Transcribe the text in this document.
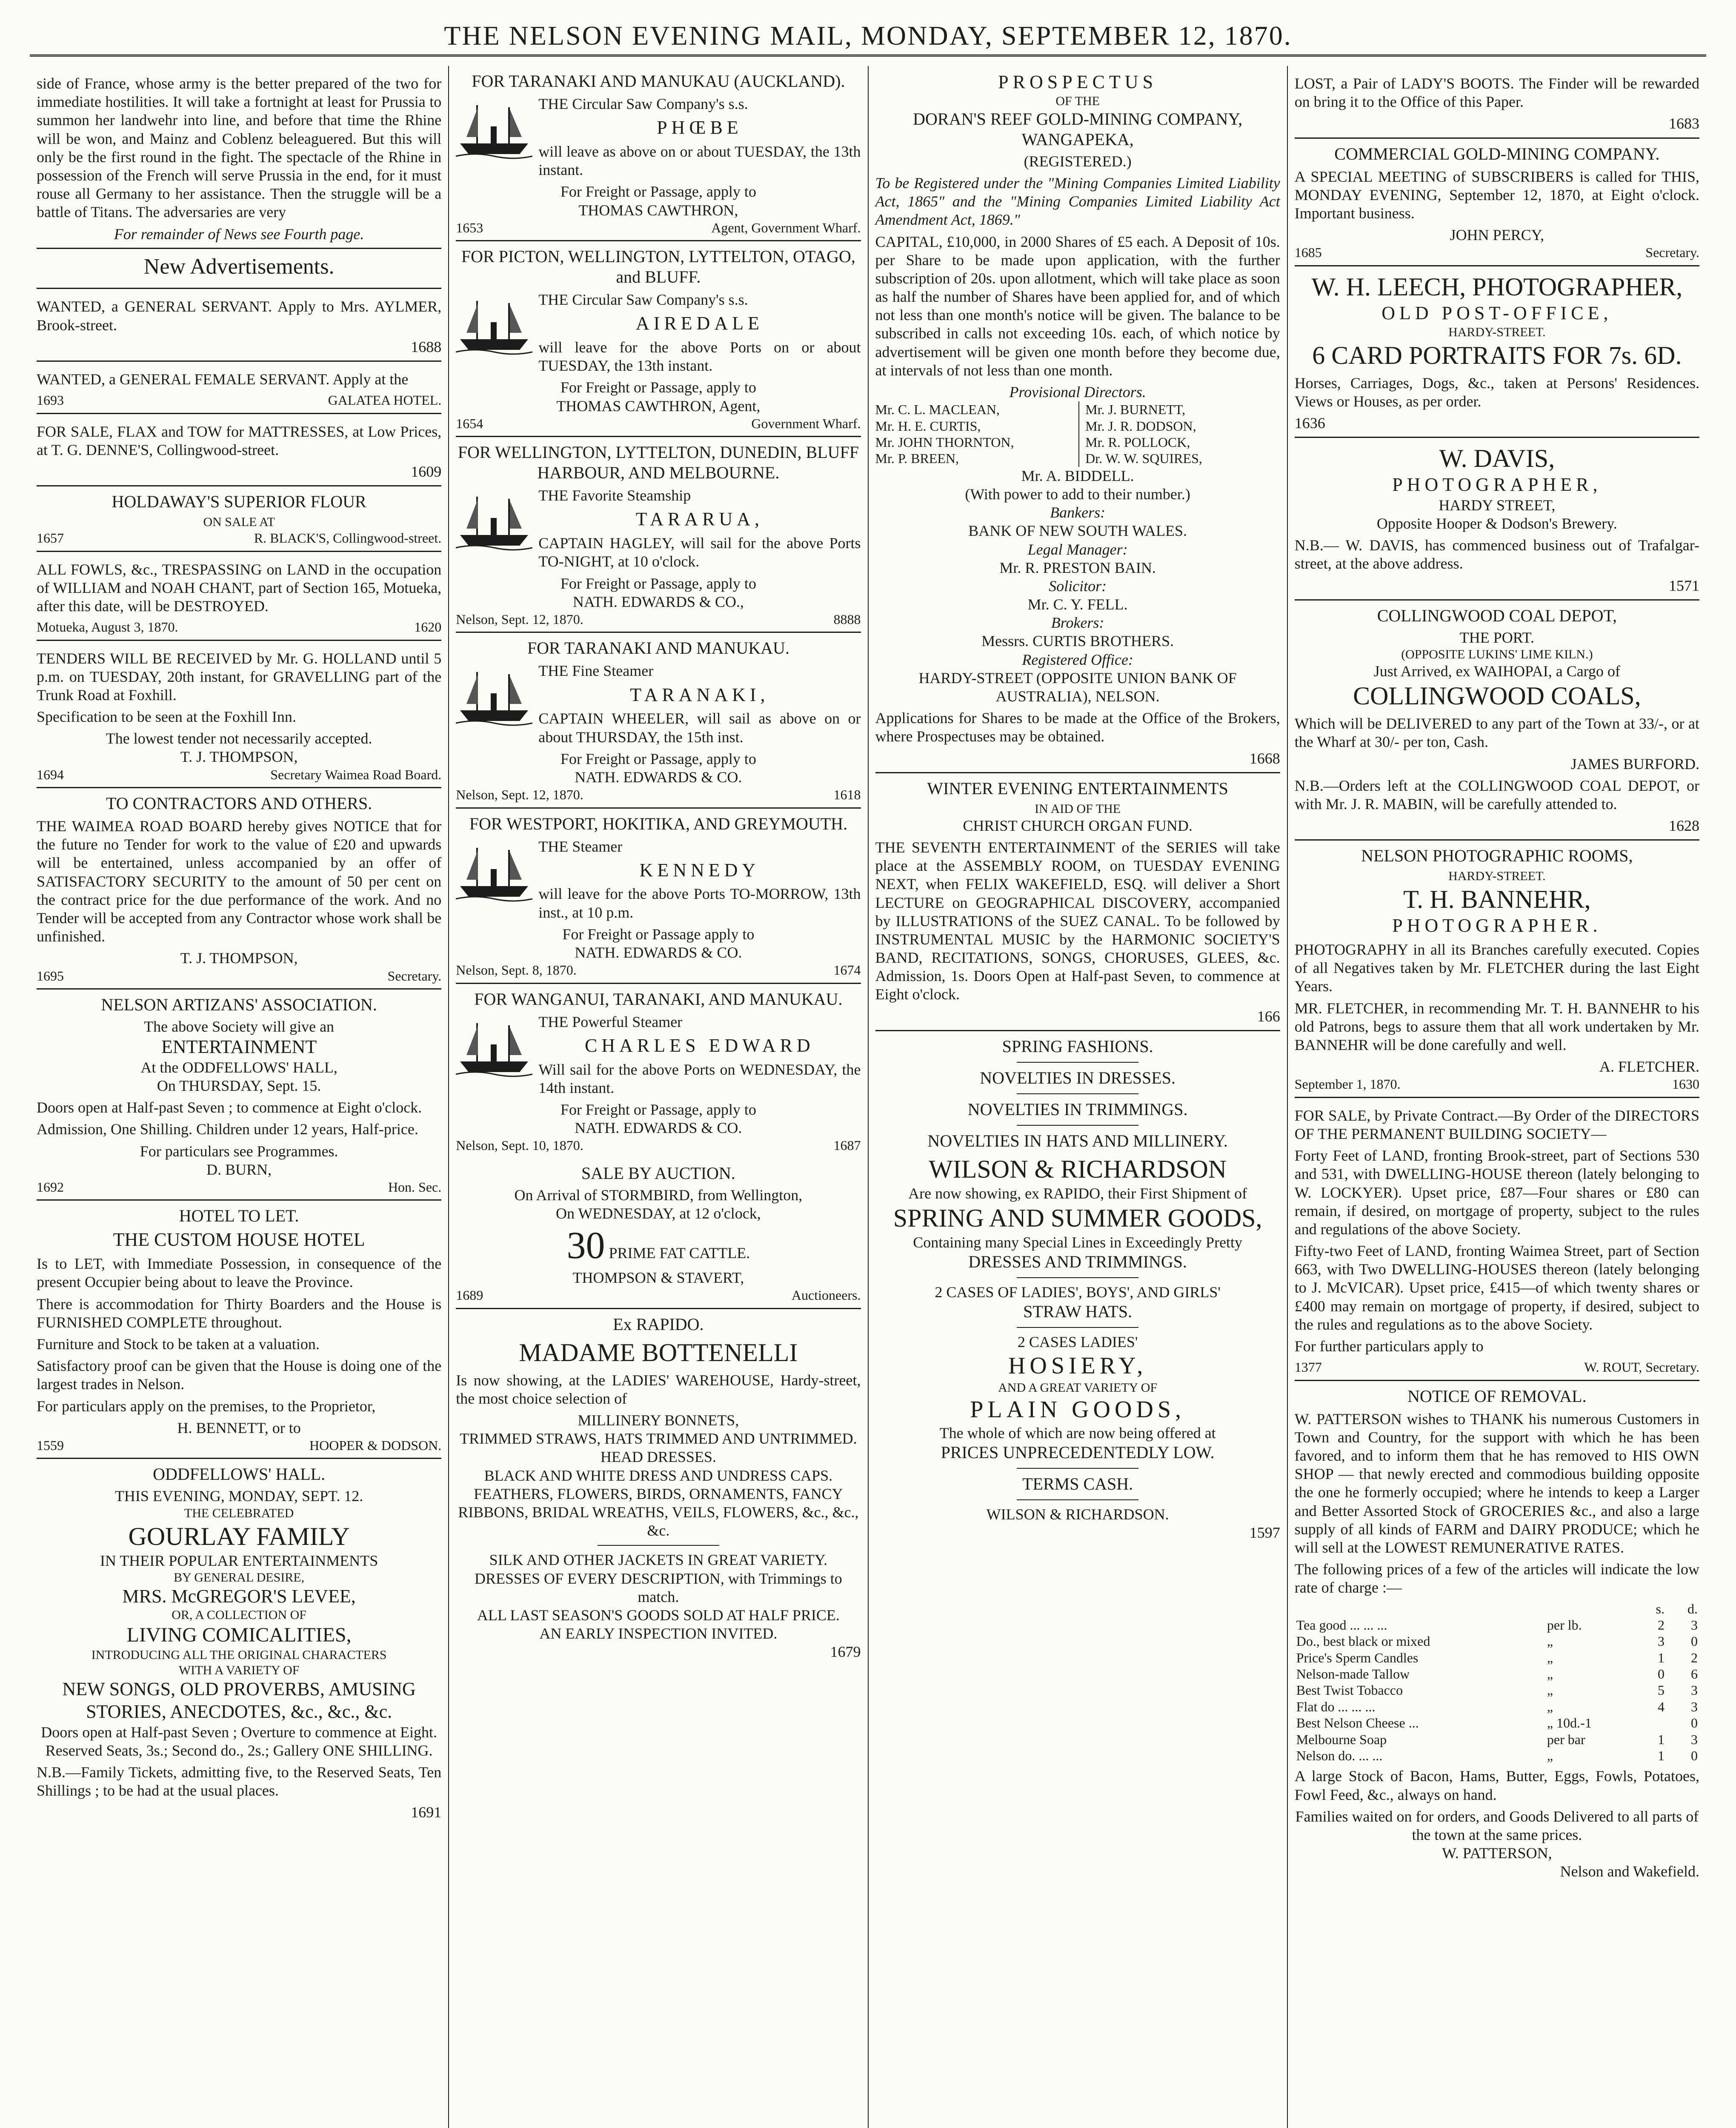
THE NELSON EVENING MAIL, MONDAY, SEPTEMBER 12, 1870.
side of France, whose army is the better prepared of the two for immediate hostilities. It will take a fortnight at least for Prussia to summon her landwehr into line, and before that time the Rhine will be won, and Mainz and Coblenz beleaguered. But this will only be the first round in the fight. The spectacle of the Rhine in possession of the French will serve Prussia in the end, for it must rouse all Germany to her assistance. Then the struggle will be a battle of Titans. The adversaries are very
For remainder of News see Fourth page.
New Advertisements.
WANTED, a GENERAL SERVANT. Apply to Mrs. AYLMER, Brook-street.
1688
WANTED, a GENERAL FEMALE SERVANT. Apply at the
1693	GALATEA HOTEL.
FOR SALE, FLAX and TOW for MATTRESSES, at Low Prices, at T. G. DENNE'S, Collingwood-street.
1609
HOLDAWAY'S SUPERIOR FLOUR
ON SALE AT
1657	R. BLACK'S, Collingwood-street.
ALL FOWLS, &c., TRESPASSING on LAND in the occupation of WILLIAM and NOAH CHANT, part of Section 165, Motueka, after this date, will be DESTROYED.
Motueka, August 3, 1870.	1620
TENDERS WILL BE RECEIVED by Mr. G. HOLLAND until 5 p.m. on TUESDAY, 20th instant, for GRAVELLING part of the Trunk Road at Foxhill.
Specification to be seen at the Foxhill Inn.
The lowest tender not necessarily accepted.
T. J. THOMPSON,
1694	Secretary Waimea Road Board.
TO CONTRACTORS AND OTHERS.
THE WAIMEA ROAD BOARD hereby gives NOTICE that for the future no Tender for work to the value of £20 and upwards will be entertained, unless accompanied by an offer of SATISFACTORY SECURITY to the amount of 50 per cent on the contract price for the due performance of the work. And no Tender will be accepted from any Contractor whose work shall be unfinished.
T. J. THOMPSON,
1695	Secretary.
NELSON ARTIZANS' ASSOCIATION.
The above Society will give an
ENTERTAINMENT
At the ODDFELLOWS' HALL,
On THURSDAY, Sept. 15.
Doors open at Half-past Seven ; to commence at Eight o'clock.
Admission, One Shilling. Children under 12 years, Half-price.
For particulars see Programmes.
D. BURN,
1692	Hon. Sec.
HOTEL TO LET.
THE CUSTOM HOUSE HOTEL
Is to LET, with Immediate Possession, in consequence of the present Occupier being about to leave the Province.
There is accommodation for Thirty Boarders and the House is FURNISHED COMPLETE throughout.
Furniture and Stock to be taken at a valuation.
Satisfactory proof can be given that the House is doing one of the largest trades in Nelson.
For particulars apply on the premises, to the Proprietor,
H. BENNETT, or to
1559	HOOPER & DODSON.
ODDFELLOWS' HALL.
THIS EVENING, MONDAY, SEPT. 12.
THE CELEBRATED
GOURLAY FAMILY
IN THEIR POPULAR ENTERTAINMENTS
BY GENERAL DESIRE,
MRS. McGREGOR'S LEVEE,
OR, A COLLECTION OF
LIVING COMICALITIES,
INTRODUCING ALL THE ORIGINAL CHARACTERS
WITH A VARIETY OF
NEW SONGS, OLD PROVERBS, AMUSING STORIES, ANECDOTES, &c., &c., &c.
Doors open at Half-past Seven ; Overture to commence at Eight.
Reserved Seats, 3s.; Second do., 2s.; Gallery ONE SHILLING.
N.B.—Family Tickets, admitting five, to the Reserved Seats, Ten Shillings ; to be had at the usual places.
1691
FOR TARANAKI AND MANUKAU (AUCKLAND).
THE Circular Saw Company's s.s.
PHŒBE
will leave as above on or about TUESDAY, the 13th instant.
For Freight or Passage, apply to
THOMAS CAWTHRON,
1653	Agent, Government Wharf.
FOR PICTON, WELLINGTON, LYTTELTON, OTAGO, and BLUFF.
THE Circular Saw Company's s.s.
AIREDALE
will leave for the above Ports on or about TUESDAY, the 13th instant.
For Freight or Passage, apply to
THOMAS CAWTHRON, Agent,
1654	Government Wharf.
FOR WELLINGTON, LYTTELTON, DUNEDIN, BLUFF HARBOUR, AND MELBOURNE.
THE Favorite Steamship
TARARUA,
CAPTAIN HAGLEY, will sail for the above Ports TO-NIGHT, at 10 o'clock.
For Freight or Passage, apply to
NATH. EDWARDS & CO.,
Nelson, Sept. 12, 1870.	8888
FOR TARANAKI AND MANUKAU.
THE Fine Steamer
TARANAKI,
CAPTAIN WHEELER, will sail as above on or about THURSDAY, the 15th inst.
For Freight or Passage, apply to
NATH. EDWARDS & CO.
Nelson, Sept. 12, 1870.	1618
FOR WESTPORT, HOKITIKA, AND GREYMOUTH.
THE Steamer
KENNEDY
will leave for the above Ports TO-MORROW, 13th inst., at 10 p.m.
For Freight or Passage apply to
NATH. EDWARDS & CO.
Nelson, Sept. 8, 1870.	1674
FOR WANGANUI, TARANAKI, AND MANUKAU.
THE Powerful Steamer
CHARLES EDWARD
Will sail for the above Ports on WEDNESDAY, the 14th instant.
For Freight or Passage, apply to
NATH. EDWARDS & CO.
Nelson, Sept. 10, 1870.	1687
SALE BY AUCTION.
On Arrival of STORMBIRD, from Wellington,
On WEDNESDAY, at 12 o'clock,
30 PRIME FAT CATTLE.
THOMPSON & STAVERT,
1689	Auctioneers.
Ex RAPIDO.
MADAME BOTTENELLI
Is now showing, at the LADIES' WAREHOUSE, Hardy-street, the most choice selection of
MILLINERY BONNETS,
TRIMMED STRAWS, HATS TRIMMED AND UNTRIMMED.
HEAD DRESSES.
BLACK AND WHITE DRESS AND UNDRESS CAPS.
FEATHERS, FLOWERS, BIRDS, ORNAMENTS, FANCY RIBBONS, BRIDAL WREATHS, VEILS, FLOWERS, &c., &c., &c.
SILK AND OTHER JACKETS IN GREAT VARIETY.
DRESSES OF EVERY DESCRIPTION, with Trimmings to match.
ALL LAST SEASON'S GOODS SOLD AT HALF PRICE.
AN EARLY INSPECTION INVITED.
1679
PROSPECTUS
OF THE
DORAN'S REEF GOLD-MINING COMPANY, WANGAPEKA,
(REGISTERED.)
To be Registered under the "Mining Companies Limited Liability Act, 1865" and the "Mining Companies Limited Liability Act Amendment Act, 1869."
CAPITAL, £10,000, in 2000 Shares of £5 each. A Deposit of 10s. per Share to be made upon application, with the further subscription of 20s. upon allotment, which will take place as soon as half the number of Shares have been applied for, and of which not less than one month's notice will be given. The balance to be subscribed in calls not exceeding 10s. each, of which notice by advertisement will be given one month before they become due, at intervals of not less than one month.
Provisional Directors.
Mr. C. L. MACLEAN,
Mr. H. E. CURTIS,
Mr. JOHN THORNTON,
Mr. P. BREEN,
Mr. J. BURNETT,
Mr. J. R. DODSON,
Mr. R. POLLOCK,
Dr. W. W. SQUIRES,
Mr. A. BIDDELL.
(With power to add to their number.)
Bankers:
BANK OF NEW SOUTH WALES.
Legal Manager:
Mr. R. PRESTON BAIN.
Solicitor:
Mr. C. Y. FELL.
Brokers:
Messrs. CURTIS BROTHERS.
Registered Office:
HARDY-STREET (OPPOSITE UNION BANK OF AUSTRALIA), NELSON.
Applications for Shares to be made at the Office of the Brokers, where Prospectuses may be obtained.
1668
WINTER EVENING ENTERTAINMENTS
IN AID OF THE
CHRIST CHURCH ORGAN FUND.
THE SEVENTH ENTERTAINMENT of the SERIES will take place at the ASSEMBLY ROOM, on TUESDAY EVENING NEXT, when FELIX WAKEFIELD, ESQ. will deliver a Short LECTURE on GEOGRAPHICAL DISCOVERY, accompanied by ILLUSTRATIONS of the SUEZ CANAL. To be followed by INSTRUMENTAL MUSIC by the HARMONIC SOCIETY'S BAND, RECITATIONS, SONGS, CHORUSES, GLEES, &c. Admission, 1s. Doors Open at Half-past Seven, to commence at Eight o'clock.
166
SPRING FASHIONS.
NOVELTIES IN DRESSES.
NOVELTIES IN TRIMMINGS.
NOVELTIES IN HATS AND MILLINERY.
WILSON & RICHARDSON
Are now showing, ex RAPIDO, their First Shipment of
SPRING AND SUMMER GOODS,
Containing many Special Lines in Exceedingly Pretty
DRESSES AND TRIMMINGS.
2 CASES OF LADIES', BOYS', AND GIRLS'
STRAW HATS.
2 CASES LADIES'
HOSIERY,
AND A GREAT VARIETY OF
PLAIN GOODS,
The whole of which are now being offered at
PRICES UNPRECEDENTEDLY LOW.
TERMS CASH.
WILSON & RICHARDSON.
1597
LOST, a Pair of LADY'S BOOTS. The Finder will be rewarded on bring it to the Office of this Paper.
1683
COMMERCIAL GOLD-MINING COMPANY.
A SPECIAL MEETING of SUBSCRIBERS is called for THIS, MONDAY EVENING, September 12, 1870, at Eight o'clock. Important business.
JOHN PERCY,
1685	Secretary.
W. H. LEECH, PHOTOGRAPHER,
OLD POST-OFFICE,
HARDY-STREET.
6 CARD PORTRAITS FOR 7s. 6D.
Horses, Carriages, Dogs, &c., taken at Persons' Residences. Views or Houses, as per order.
1636
W. DAVIS,
PHOTOGRAPHER,
HARDY STREET,
Opposite Hooper & Dodson's Brewery.
N.B.— W. DAVIS, has commenced business out of Trafalgar-street, at the above address.
1571
COLLINGWOOD COAL DEPOT,
THE PORT.
(OPPOSITE LUKINS' LIME KILN.)
Just Arrived, ex WAIHOPAI, a Cargo of
COLLINGWOOD COALS,
Which will be DELIVERED to any part of the Town at 33/-, or at the Wharf at 30/- per ton, Cash.
JAMES BURFORD.
N.B.—Orders left at the COLLINGWOOD COAL DEPOT, or with Mr. J. R. MABIN, will be carefully attended to.
1628
NELSON PHOTOGRAPHIC ROOMS,
HARDY-STREET.
T. H. BANNEHR,
PHOTOGRAPHER.
PHOTOGRAPHY in all its Branches carefully executed. Copies of all Negatives taken by Mr. FLETCHER during the last Eight Years.
MR. FLETCHER, in recommending Mr. T. H. BANNEHR to his old Patrons, begs to assure them that all work undertaken by Mr. BANNEHR will be done carefully and well.
A. FLETCHER.
September 1, 1870.	1630
FOR SALE, by Private Contract.—By Order of the DIRECTORS OF THE PERMANENT BUILDING SOCIETY—
Forty Feet of LAND, fronting Brook-street, part of Sections 530 and 531, with DWELLING-HOUSE thereon (lately belonging to W. LOCKYER). Upset price, £87—Four shares or £80 can remain, if desired, on mortgage of property, subject to the rules and regulations of the above Society.
Fifty-two Feet of LAND, fronting Waimea Street, part of Section 663, with Two DWELLING-HOUSES thereon (lately belonging to J. McVICAR). Upset price, £415—of which twenty shares or £400 may remain on mortgage of property, if desired, subject to the rules and regulations as to the above Society.
For further particulars apply to
1377	W. ROUT, Secretary.
NOTICE OF REMOVAL.
W. PATTERSON wishes to THANK his numerous Customers in Town and Country, for the support with which he has been favored, and to inform them that he has removed to HIS OWN SHOP — that newly erected and commodious building opposite the one he formerly occupied; where he intends to keep a Larger and Better Assorted Stock of GROCERIES &c., and also a large supply of all kinds of FARM and DAIRY PRODUCE; which he will sell at the LOWEST REMUNERATIVE RATES.
The following prices of a few of the articles will indicate the low rate of charge :—
		s.	d.
Tea good ... ... ...	per lb.	2	3
Do., best black or mixed	„	3	0
Price's Sperm Candles	„	1	2
Nelson-made Tallow	„	0	6
Best Twist Tobacco	„	5	3
Flat do ... ... ...	„	4	3
Best Nelson Cheese ...	„ 10d.-1		0
Melbourne Soap	per bar	1	3
Nelson do. ... ...	„	1	0
A large Stock of Bacon, Hams, Butter, Eggs, Fowls, Potatoes, Fowl Feed, &c., always on hand.
Families waited on for orders, and Goods Delivered to all parts of the town at the same prices.
W. PATTERSON,
Nelson and Wakefield.
